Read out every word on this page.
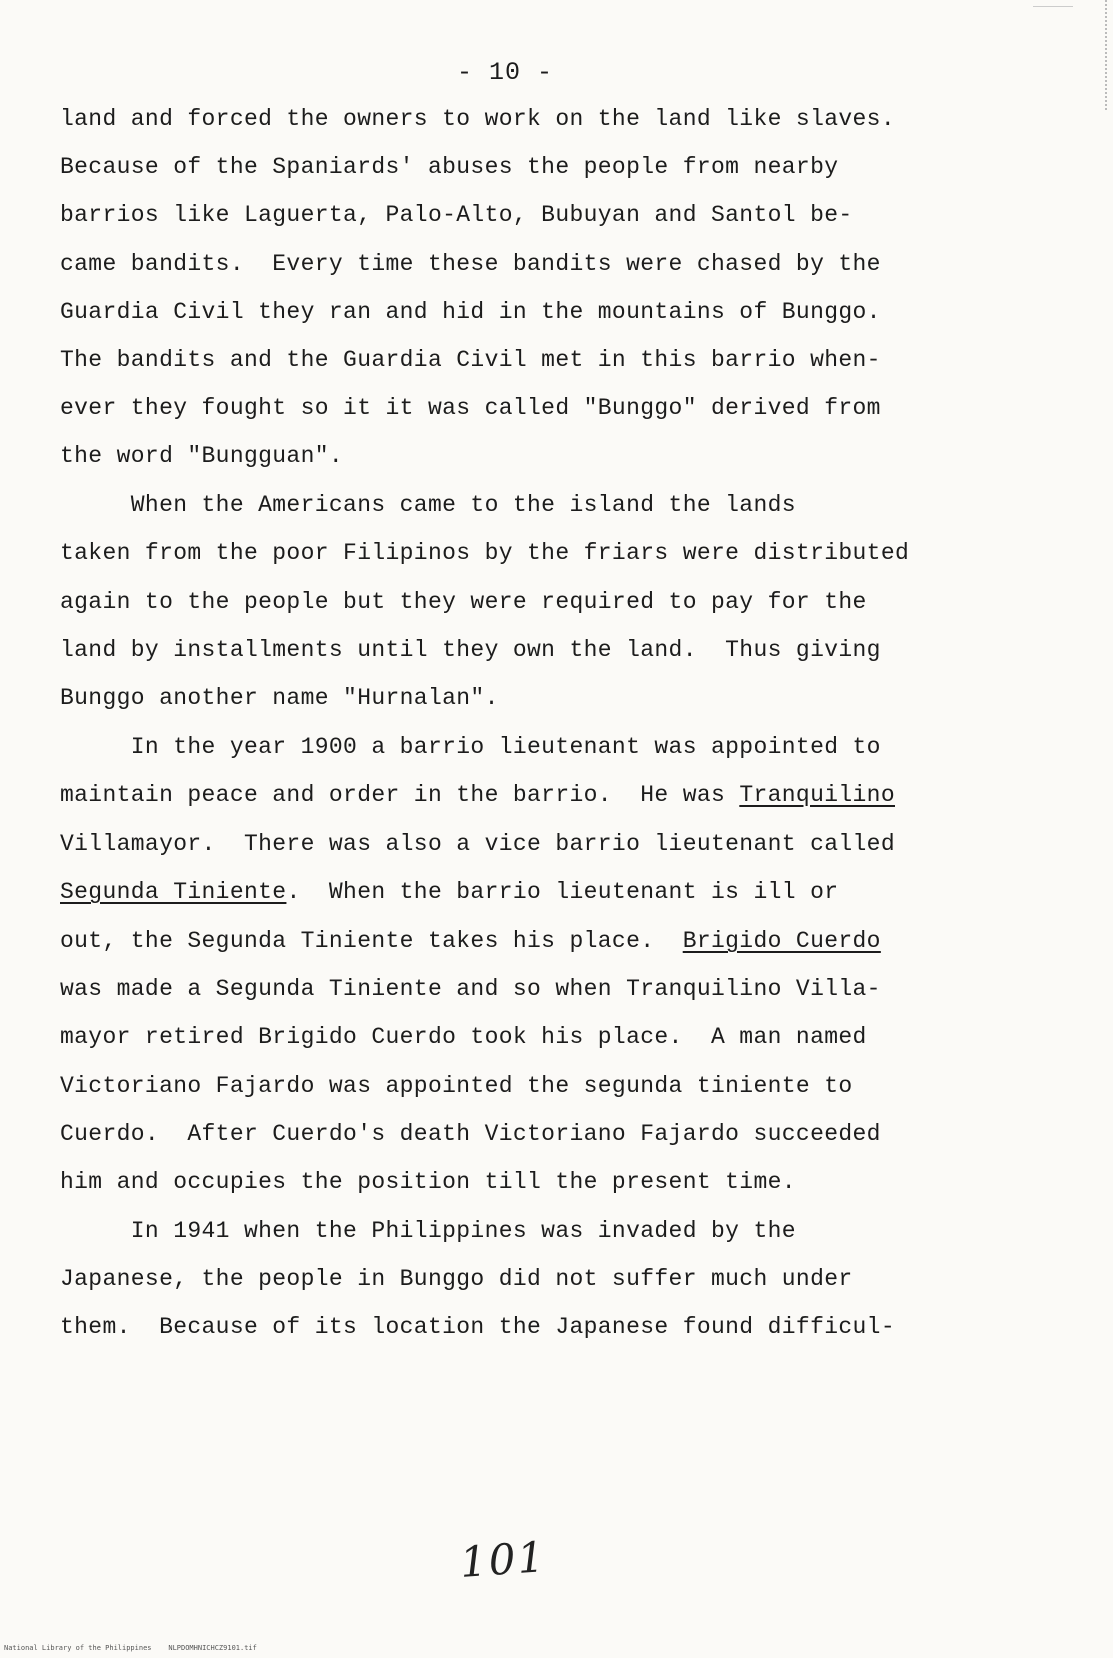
- 10 -
land and forced the owners to work on the land like slaves.
Because of the Spaniards' abuses the people from nearby
barrios like Laguerta, Palo-Alto, Bubuyan and Santol be-
came bandits.  Every time these bandits were chased by the
Guardia Civil they ran and hid in the mountains of Bunggo.
The bandits and the Guardia Civil met in this barrio when-
ever they fought so it it was called "Bunggo" derived from
the word "Bungguan".
When the Americans came to the island the lands
taken from the poor Filipinos by the friars were distributed
again to the people but they were required to pay for the
land by installments until they own the land.  Thus giving
Bunggo another name "Hurnalan".
In the year 1900 a barrio lieutenant was appointed to
maintain peace and order in the barrio.  He was Tranquilino
Villamayor.  There was also a vice barrio lieutenant called
Segunda Tiniente.  When the barrio lieutenant is ill or
out, the Segunda Tiniente takes his place.  Brigido Cuerdo
was made a Segunda Tiniente and so when Tranquilino Villa-
mayor retired Brigido Cuerdo took his place.  A man named
Victoriano Fajardo was appointed the segunda tiniente to
Cuerdo.  After Cuerdo's death Victoriano Fajardo succeeded
him and occupies the position till the present time.
In 1941 when the Philippines was invaded by the
Japanese, the people in Bunggo did not suffer much under
them.  Because of its location the Japanese found difficul-
101
National Library of the Philippines    NLPDOMHNICHCZ9101.tif
